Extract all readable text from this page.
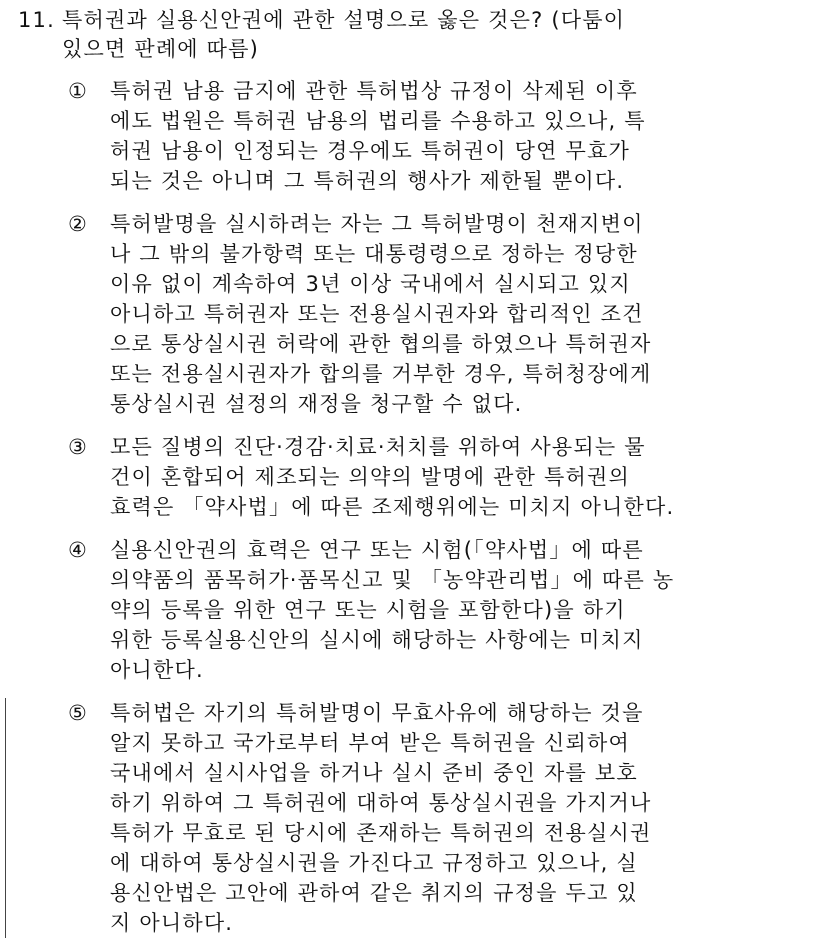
11. 특허권과 실용신안권에 관한 설명으로 옳은 것은? (다툼이
있으면 판례에 따름)
①	특허권 남용 금지에 관한 특허법상 규정이 삭제된 이후
에도 법원은 특허권 남용의 법리를 수용하고 있으나, 특
허권 남용이 인정되는 경우에도 특허권이 당연 무효가
되는 것은 아니며 그 특허권의 행사가 제한될 뿐이다.
②	특허발명을 실시하려는 자는 그 특허발명이 천재지변이
나 그 밖의 불가항력 또는 대통령령으로 정하는 정당한
이유 없이 계속하여 3년 이상 국내에서 실시되고 있지
아니하고 특허권자 또는 전용실시권자와 합리적인 조건
으로 통상실시권 허락에 관한 협의를 하였으나 특허권자
또는 전용실시권자가 합의를 거부한 경우, 특허청장에게
통상실시권 설정의 재정을 청구할 수 없다.
③	모든 질병의 진단·경감·치료·처치를 위하여 사용되는 물
건이 혼합되어 제조되는 의약의 발명에 관한 특허권의
효력은 「약사법」에 따른 조제행위에는 미치지 아니한다.
④	실용신안권의 효력은 연구 또는 시험(「약사법」에 따른
의약품의 품목허가·품목신고 및 「농약관리법」에 따른 농
약의 등록을 위한 연구 또는 시험을 포함한다)을 하기
위한 등록실용신안의 실시에 해당하는 사항에는 미치지
아니한다.
⑤	특허법은 자기의 특허발명이 무효사유에 해당하는 것을
알지 못하고 국가로부터 부여 받은 특허권을 신뢰하여
국내에서 실시사업을 하거나 실시 준비 중인 자를 보호
하기 위하여 그 특허권에 대하여 통상실시권을 가지거나
특허가 무효로 된 당시에 존재하는 특허권의 전용실시권
에 대하여 통상실시권을 가진다고 규정하고 있으나, 실
용신안법은 고안에 관하여 같은 취지의 규정을 두고 있
지 아니하다.
